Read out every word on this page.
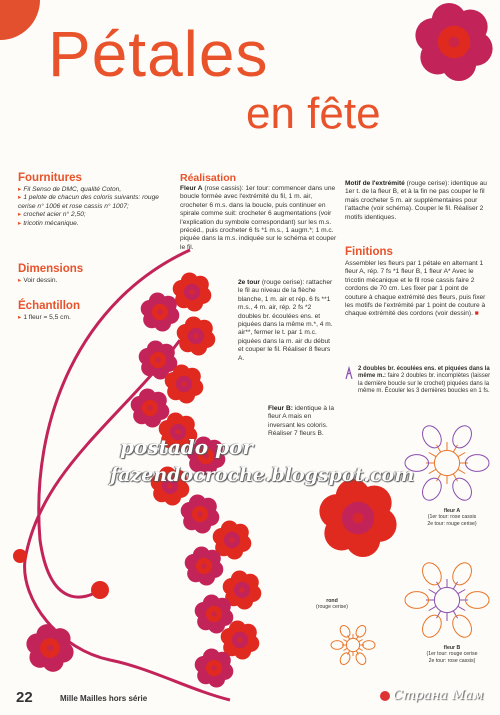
Pétales
en fête
Fournitures

▸ Fil Senso de DMC, qualité Coton,

▸ 1 pelote de chacun des coloris suivants: rouge cerise n° 1006 et rose cassis n° 1007;

▸ crochet acier n° 2,50;

▸ tricotin mécanique.

Dimensions

▸ Voir dessin.

Échantillon

▸ 1 fleur = 5,5 cm.

Réalisation
Fleur A (rose cassis): 1er tour: commencer dans une boucle formée avec l'extrémité du fil, 1 m. air, crocheter 6 m.s. dans la boucle, puis continuer en spirale comme suit: crocheter 6 augmentations (voir l'explication du symbole correspondant) sur les m.s. précéd., puis crocheter 6 fs *1 m.s., 1 augm.*; 1 m.c. piquée dans la m.s. indiquée sur le schéma et couper le fil.
2e tour (rouge cerise): rattacher le fil au niveau de la flèche blanche, 1 m. air et rép. 6 fs **1 m.s., 4 m. air, rép. 2 fs *2 doubles br. écoulées ens. et piquées dans la même m.*, 4 m. air**, fermer le t. par 1 m.c. piquées dans la m. air du début et couper le fil. Réaliser 8 fleurs A.
Fleur B: identique à la fleur A mais en inversant les coloris. Réaliser 7 fleurs B.
Motif de l'extrémité (rouge cerise): identique au 1er t. de la fleur B, et à la fin ne pas couper le fil mais crocheter 5 m. air supplémentaires pour l'attache (voir schéma). Couper le fil. Réaliser 2 motifs identiques.
Finitions
Assembler les fleurs par 1 pétale en alternant 1 fleur A, rép. 7 fs *1 fleur B, 1 fleur A* Avec le tricotin mécanique et le fil rose cassis faire 2 cordons de 70 cm. Les fixer par 1 point de couture à chaque extrémité des fleurs, puis fixer les motifs de l'extrémité par 1 point de couture à chaque extrémité des cordons (voir dessin). ■
2 doubles br. écoulées ens. et piquées dans la même m.: faire 2 doubles br. incomplètes (laisser la dernière boucle sur le crochet) piquées dans la même m. Écouler les 3 dernières boucles en 1 fs.
fleur A
(1er tour: rose cassis
2e tour: rouge cerise)
fleur B
(1er tour: rouge cerise
2e tour: rose cassis)
rond
(rouge cerise)
postado por
fazendocroche.blogspot.com
22	Mille Mailles hors série	Страна Мам
